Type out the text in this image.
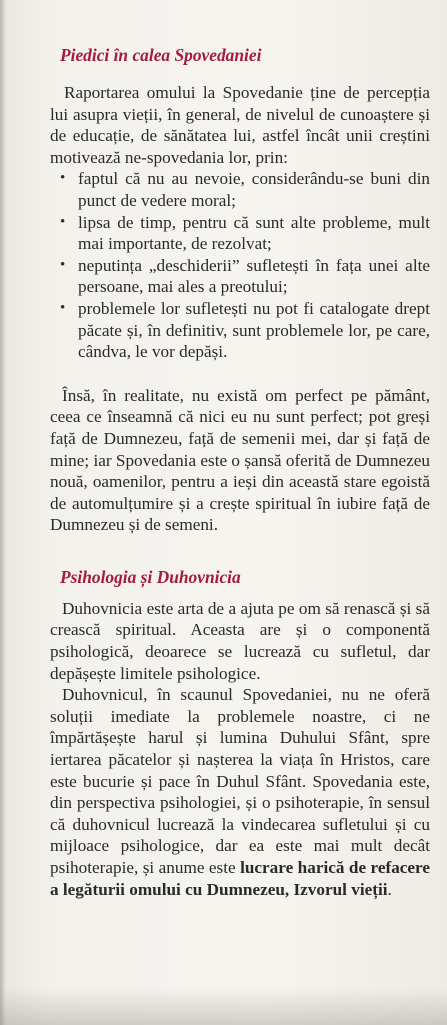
Piedici în calea Spovedaniei

Raportarea omului la Spovedanie ține de percepția lui asupra vieții, în general, de nivelul de cunoaștere și de educație, de sănătatea lui, astfel încât unii creștini motivează ne-spovedania lor, prin:

• faptul că nu au nevoie, considerându-se buni din punct de vedere moral;
• lipsa de timp, pentru că sunt alte probleme, mult mai importante, de rezolvat;
• neputința „deschiderii” sufletești în fața unei alte persoane, mai ales a preotului;
• problemele lor sufletești nu pot fi catalogate drept păcate și, în definitiv, sunt problemele lor, pe care, cândva, le vor depăși.

Însă, în realitate, nu există om perfect pe pământ, ceea ce înseamnă că nici eu nu sunt perfect; pot greși față de Dumnezeu, față de semenii mei, dar și față de mine; iar Spovedania este o șansă oferită de Dumnezeu nouă, oamenilor, pentru a ieși din această stare egoistă de automulțumire și a crește spiritual în iubire față de Dumnezeu și de semeni.

Psihologia și Duhovnicia

Duhovnicia este arta de a ajuta pe om să renască și să crească spiritual. Aceasta are și o componentă psihologică, deoarece se lucrează cu sufletul, dar depășește limitele psihologice.

Duhovnicul, în scaunul Spovedaniei, nu ne oferă soluții imediate la problemele noastre, ci ne împărtășește harul și lumina Duhului Sfânt, spre iertarea păcatelor și nașterea la viața în Hristos, care este bucurie și pace în Duhul Sfânt. Spovedania este, din perspectiva psihologiei, și o psihoterapie, în sensul că duhovnicul lucrează la vindecarea sufletului și cu mijloace psihologice, dar ea este mai mult decât psihoterapie, și anume este lucrare harică de refacere a legăturii omului cu Dumnezeu, Izvorul vieții.
